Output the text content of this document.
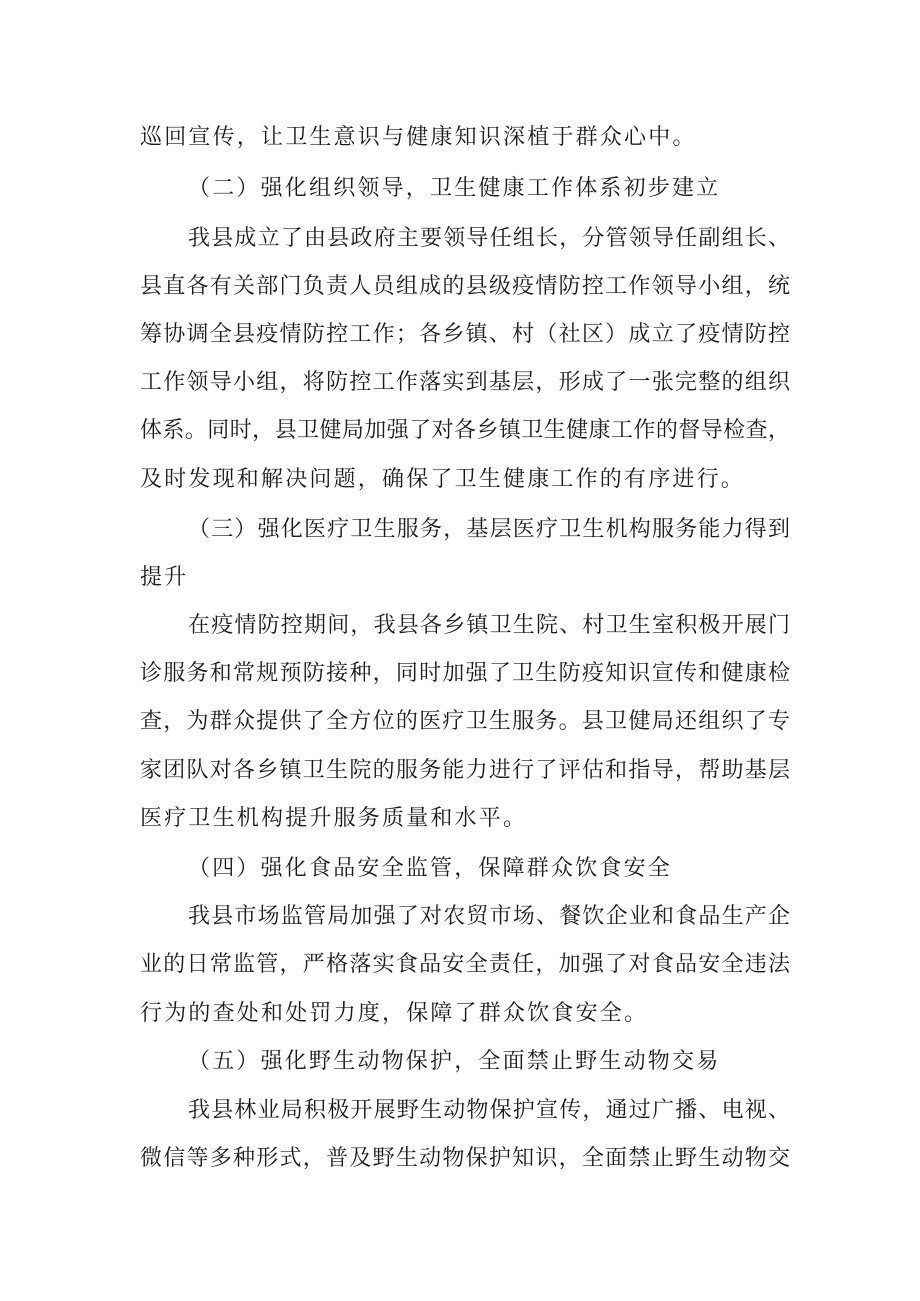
巡回宣传，让卫生意识与健康知识深植于群众心中。
（二）强化组织领导，卫生健康工作体系初步建立
我县成立了由县政府主要领导任组长，分管领导任副组长、
县直各有关部门负责人员组成的县级疫情防控工作领导小组，统
筹协调全县疫情防控工作；各乡镇、村（社区）成立了疫情防控
工作领导小组，将防控工作落实到基层，形成了一张完整的组织
体系。同时，县卫健局加强了对各乡镇卫生健康工作的督导检查，
及时发现和解决问题，确保了卫生健康工作的有序进行。
（三）强化医疗卫生服务，基层医疗卫生机构服务能力得到
提升
在疫情防控期间，我县各乡镇卫生院、村卫生室积极开展门
诊服务和常规预防接种，同时加强了卫生防疫知识宣传和健康检
查，为群众提供了全方位的医疗卫生服务。县卫健局还组织了专
家团队对各乡镇卫生院的服务能力进行了评估和指导，帮助基层
医疗卫生机构提升服务质量和水平。
（四）强化食品安全监管，保障群众饮食安全
我县市场监管局加强了对农贸市场、餐饮企业和食品生产企
业的日常监管，严格落实食品安全责任，加强了对食品安全违法
行为的查处和处罚力度，保障了群众饮食安全。
（五）强化野生动物保护，全面禁止野生动物交易
我县林业局积极开展野生动物保护宣传，通过广播、电视、
微信等多种形式，普及野生动物保护知识，全面禁止野生动物交
